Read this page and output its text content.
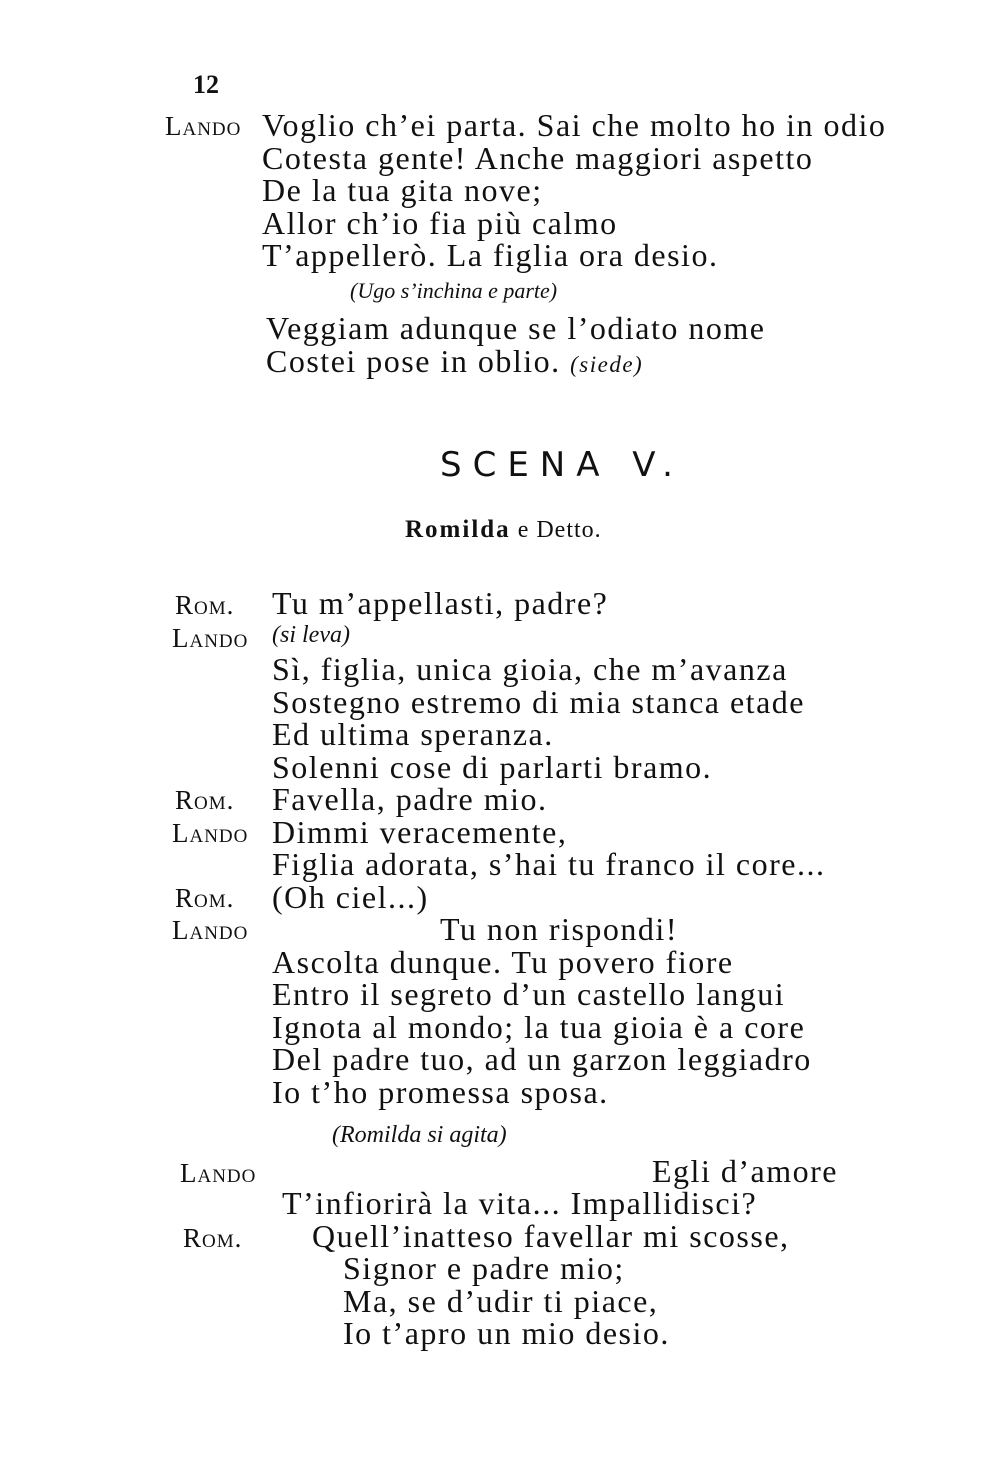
12
Lando Voglio ch’ei parta. Sai che molto ho in odio
Cotesta gente! Anche maggiori aspetto
De la tua gita nove;
Allor ch’io fia più calmo
T’appellerò. La figlia ora desio.
(Ugo s’inchina e parte)
Veggiam adunque se l’odiato nome
Costei pose in oblio. (siede)
SCENA V.
Romilda e Detto.
Rom. Tu m’appellasti, padre?
Lando (si leva)
Sì, figlia, unica gioia, che m’avanza
Sostegno estremo di mia stanca etade
Ed ultima speranza.
Solenni cose di parlarti bramo.
Rom. Favella, padre mio.
Lando Dimmi veracemente,
Figlia adorata, s’hai tu franco il core...
Rom. (Oh ciel...)
Lando	Tu non rispondi!
Ascolta dunque. Tu povero fiore
Entro il segreto d’un castello langui
Ignota al mondo; la tua gioia è a core
Del padre tuo, ad un garzon leggiadro
Io t’ho promessa sposa.
(Romilda si agita)
Lando	Egli d’amore
T’infiorirà la vita... Impallidisci?
Rom. Quell’inatteso favellar mi scosse,
Signor e padre mio;
Ma, se d’udir ti piace,
Io t’apro un mio desio.
